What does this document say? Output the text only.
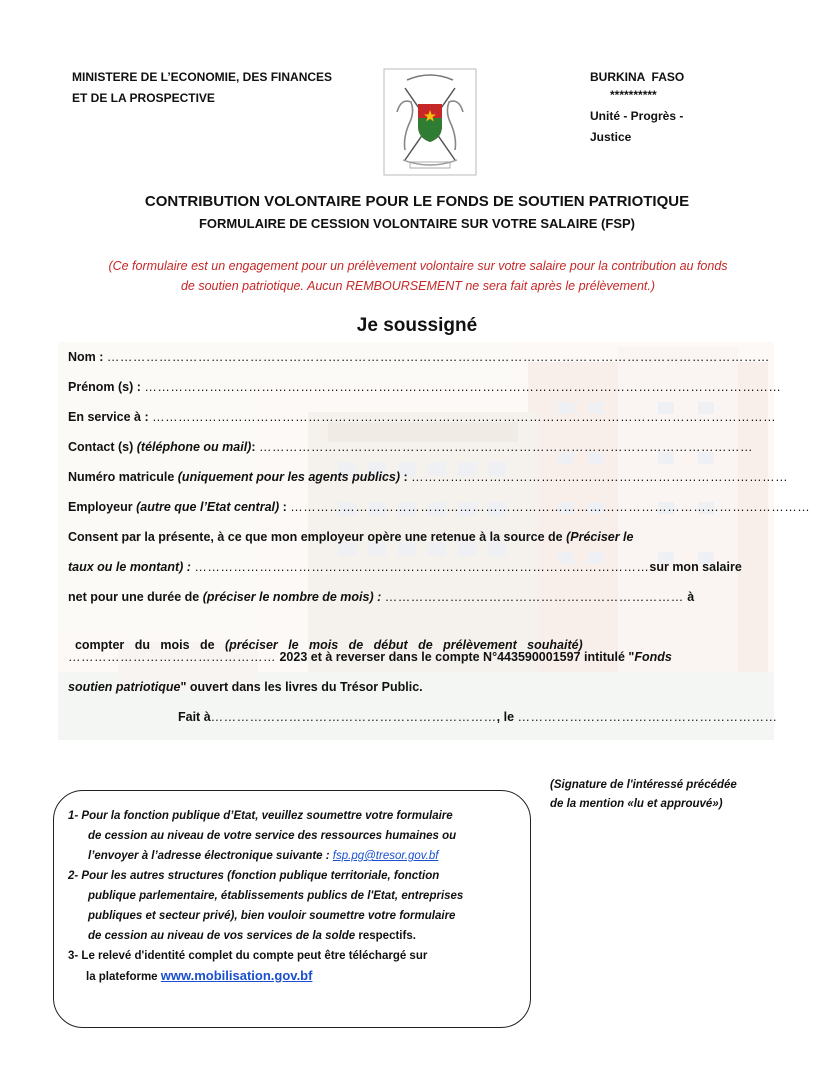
MINISTERE DE L’ECONOMIE, DES FINANCES
ET DE LA PROSPECTIVE
BURKINA  FASO
**********
Unité - Progrès - Justice
CONTRIBUTION VOLONTAIRE POUR LE FONDS DE SOUTIEN PATRIOTIQUE
FORMULAIRE DE CESSION VOLONTAIRE SUR VOTRE SALAIRE (FSP)
(Ce formulaire est un engagement pour un prélèvement volontaire sur votre salaire pour la contribution au fonds
de soutien patriotique. Aucun REMBOURSEMENT ne sera fait après le prélèvement.)
Je soussigné
Nom : ………………………………………………………………………………………………………………………………………
Prénom (s) : …………………………………………………………………………………………………………………………………
En service à : ………………………………………………………………………………………………………………………………
Contact (s) (téléphone ou mail): ……………………………………………………………………………………………………
Numéro matricule (uniquement pour les agents publics) : ……………………………………………………………………………
Employeur (autre que l’Etat central) : …………………………………………………………………………………………………………
Consent par la présente, à ce que mon employeur opère une retenue à la source de (Préciser le
taux ou le montant) : ……………………………………………………………………………………………sur mon salaire
net pour une durée de (préciser le nombre de mois) : …………………………………………………………… à

compter   du   mois   de   (préciser   le   mois   de   début   de   prélèvement   souhaité)

………………………………………… 2023 et à reverser dans le compte N°443590001597 intitulé "Fonds
soutien patriotique" ouvert dans les livres du Trésor Public.
Fait à…………………………………………………………, le ……………………………………………………
(Signature de l'intéressé précédée
de la mention «lu et approuvé»)
1- Pour la fonction publique d’Etat, veuillez soumettre votre formulaire
de cession au niveau de votre service des ressources humaines ou
l’envoyer à l’adresse électronique suivante : fsp.pg@tresor.gov.bf
2- Pour les autres structures (fonction publique territoriale, fonction
publique parlementaire, établissements publics de l'Etat, entreprises
publiques et secteur privé), bien vouloir soumettre votre formulaire
de cession au niveau de vos services de la solde respectifs.
3- Le relevé d'identité complet du compte peut être téléchargé sur
la plateforme www.mobilisation.gov.bf
